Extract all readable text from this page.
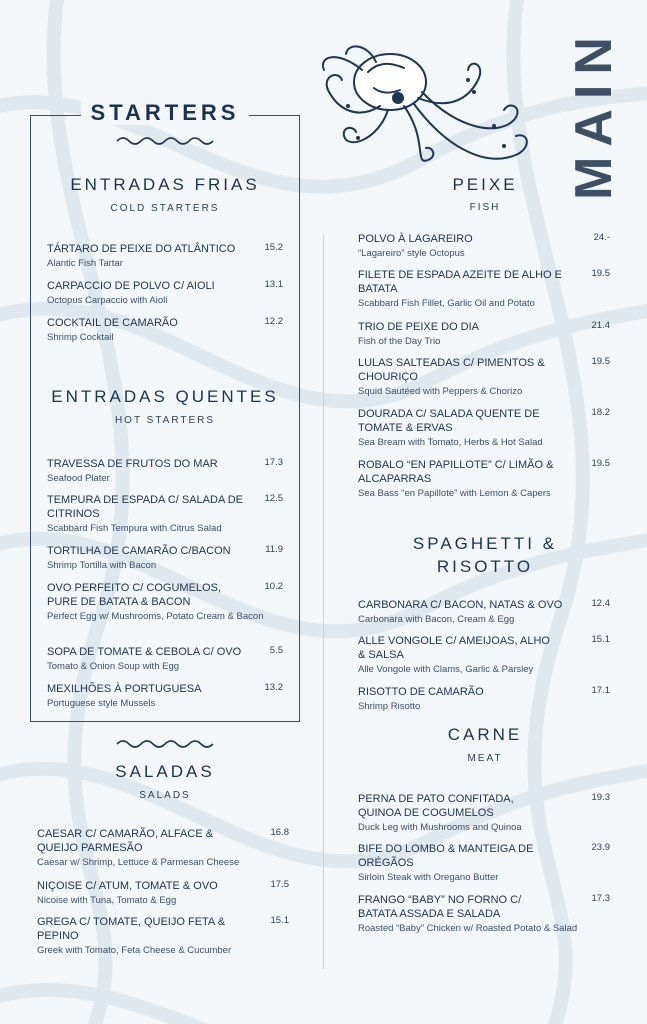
MAIN
STARTERS
ENTRADAS FRIAS
COLD STARTERS
TÁRTARO DE PEIXE DO ATLÂNTICO
Alantic Fish Tartar
15.2
CARPACCIO DE POLVO C/ AIOLI
Octopus Carpaccio with Aioli
13.1
COCKTAIL DE CAMARÃO
Shrimp Cocktail
12.2
ENTRADAS QUENTES
HOT STARTERS
TRAVESSA DE FRUTOS DO MAR
Seafood Plater
17.3
TEMPURA DE ESPADA C/ SALADA DE CITRINOS
Scabbard Fish Tempura with Citrus Salad
12.5
TORTILHA DE CAMARÃO C/BACON
Shrimp Tortilla with Bacon
11.9
OVO PERFEITO C/ COGUMELOS, PURE DE BATATA & BACON
Perfect Egg w/ Mushrooms, Potato Cream & Bacon
10.2
SOPA DE TOMATE & CEBOLA C/ OVO
Tomato & Onion Soup with Egg
5.5
MEXILHÕES À PORTUGUESA
Portuguese style Mussels
13.2
SALADAS
SALADS
CAESAR C/ CAMARÃO, ALFACE & QUEIJO PARMESÃO
Caesar w/ Shrimp, Lettuce & Parmesan Cheese
16.8
NIÇOISE C/ ATUM, TOMATE & OVO
Nicoise with Tuna, Tomato & Egg
17.5
GREGA C/ TOMATE, QUEIJO FETA & PEPINO
Greek with Tomato, Feta Cheese & Cucumber
15.1
PEIXE
FISH
POLVO À LAGAREIRO
“Lagareiro” style Octopus
24.-
FILETE DE ESPADA AZEITE DE ALHO E BATATA
Scabbard Fish Fillet, Garlic Oil and Potato
19.5
TRIO DE PEIXE DO DIA
Fish of the Day Trio
21.4
LULAS SALTEADAS C/ PIMENTOS & CHOURIÇO
Squid Sautéed with Peppers & Chorizo
19.5
DOURADA C/ SALADA QUENTE DE TOMATE & ERVAS
Sea Bream with Tomato, Herbs & Hot Salad
18.2
ROBALO “EN PAPILLOTE” C/ LIMÃO & ALCAPARRAS
Sea Bass “en Papillote” with Lemon & Capers
19.5
SPAGHETTI &
RISOTTO
CARBONARA C/ BACON, NATAS & OVO
Carbonara with Bacon, Cream & Egg
12.4
ALLE VONGOLE C/ AMEIJOAS, ALHO & SALSA
Alle Vongole with Clams, Garlic & Parsley
15.1
RISOTTO DE CAMARÃO
Shrimp Risotto
17.1
CARNE
MEAT
PERNA DE PATO CONFITADA, QUINOA DE COGUMELOS
Duck Leg with Mushrooms and Quinoa
19.3
BIFE DO LOMBO & MANTEIGA DE ORÉGÃOS
Sirloin Steak with Oregano Butter
23.9
FRANGO “BABY” NO FORNO C/ BATATA ASSADA E SALADA
Roasted “Baby” Chicken w/ Roasted Potato & Salad
17.3
